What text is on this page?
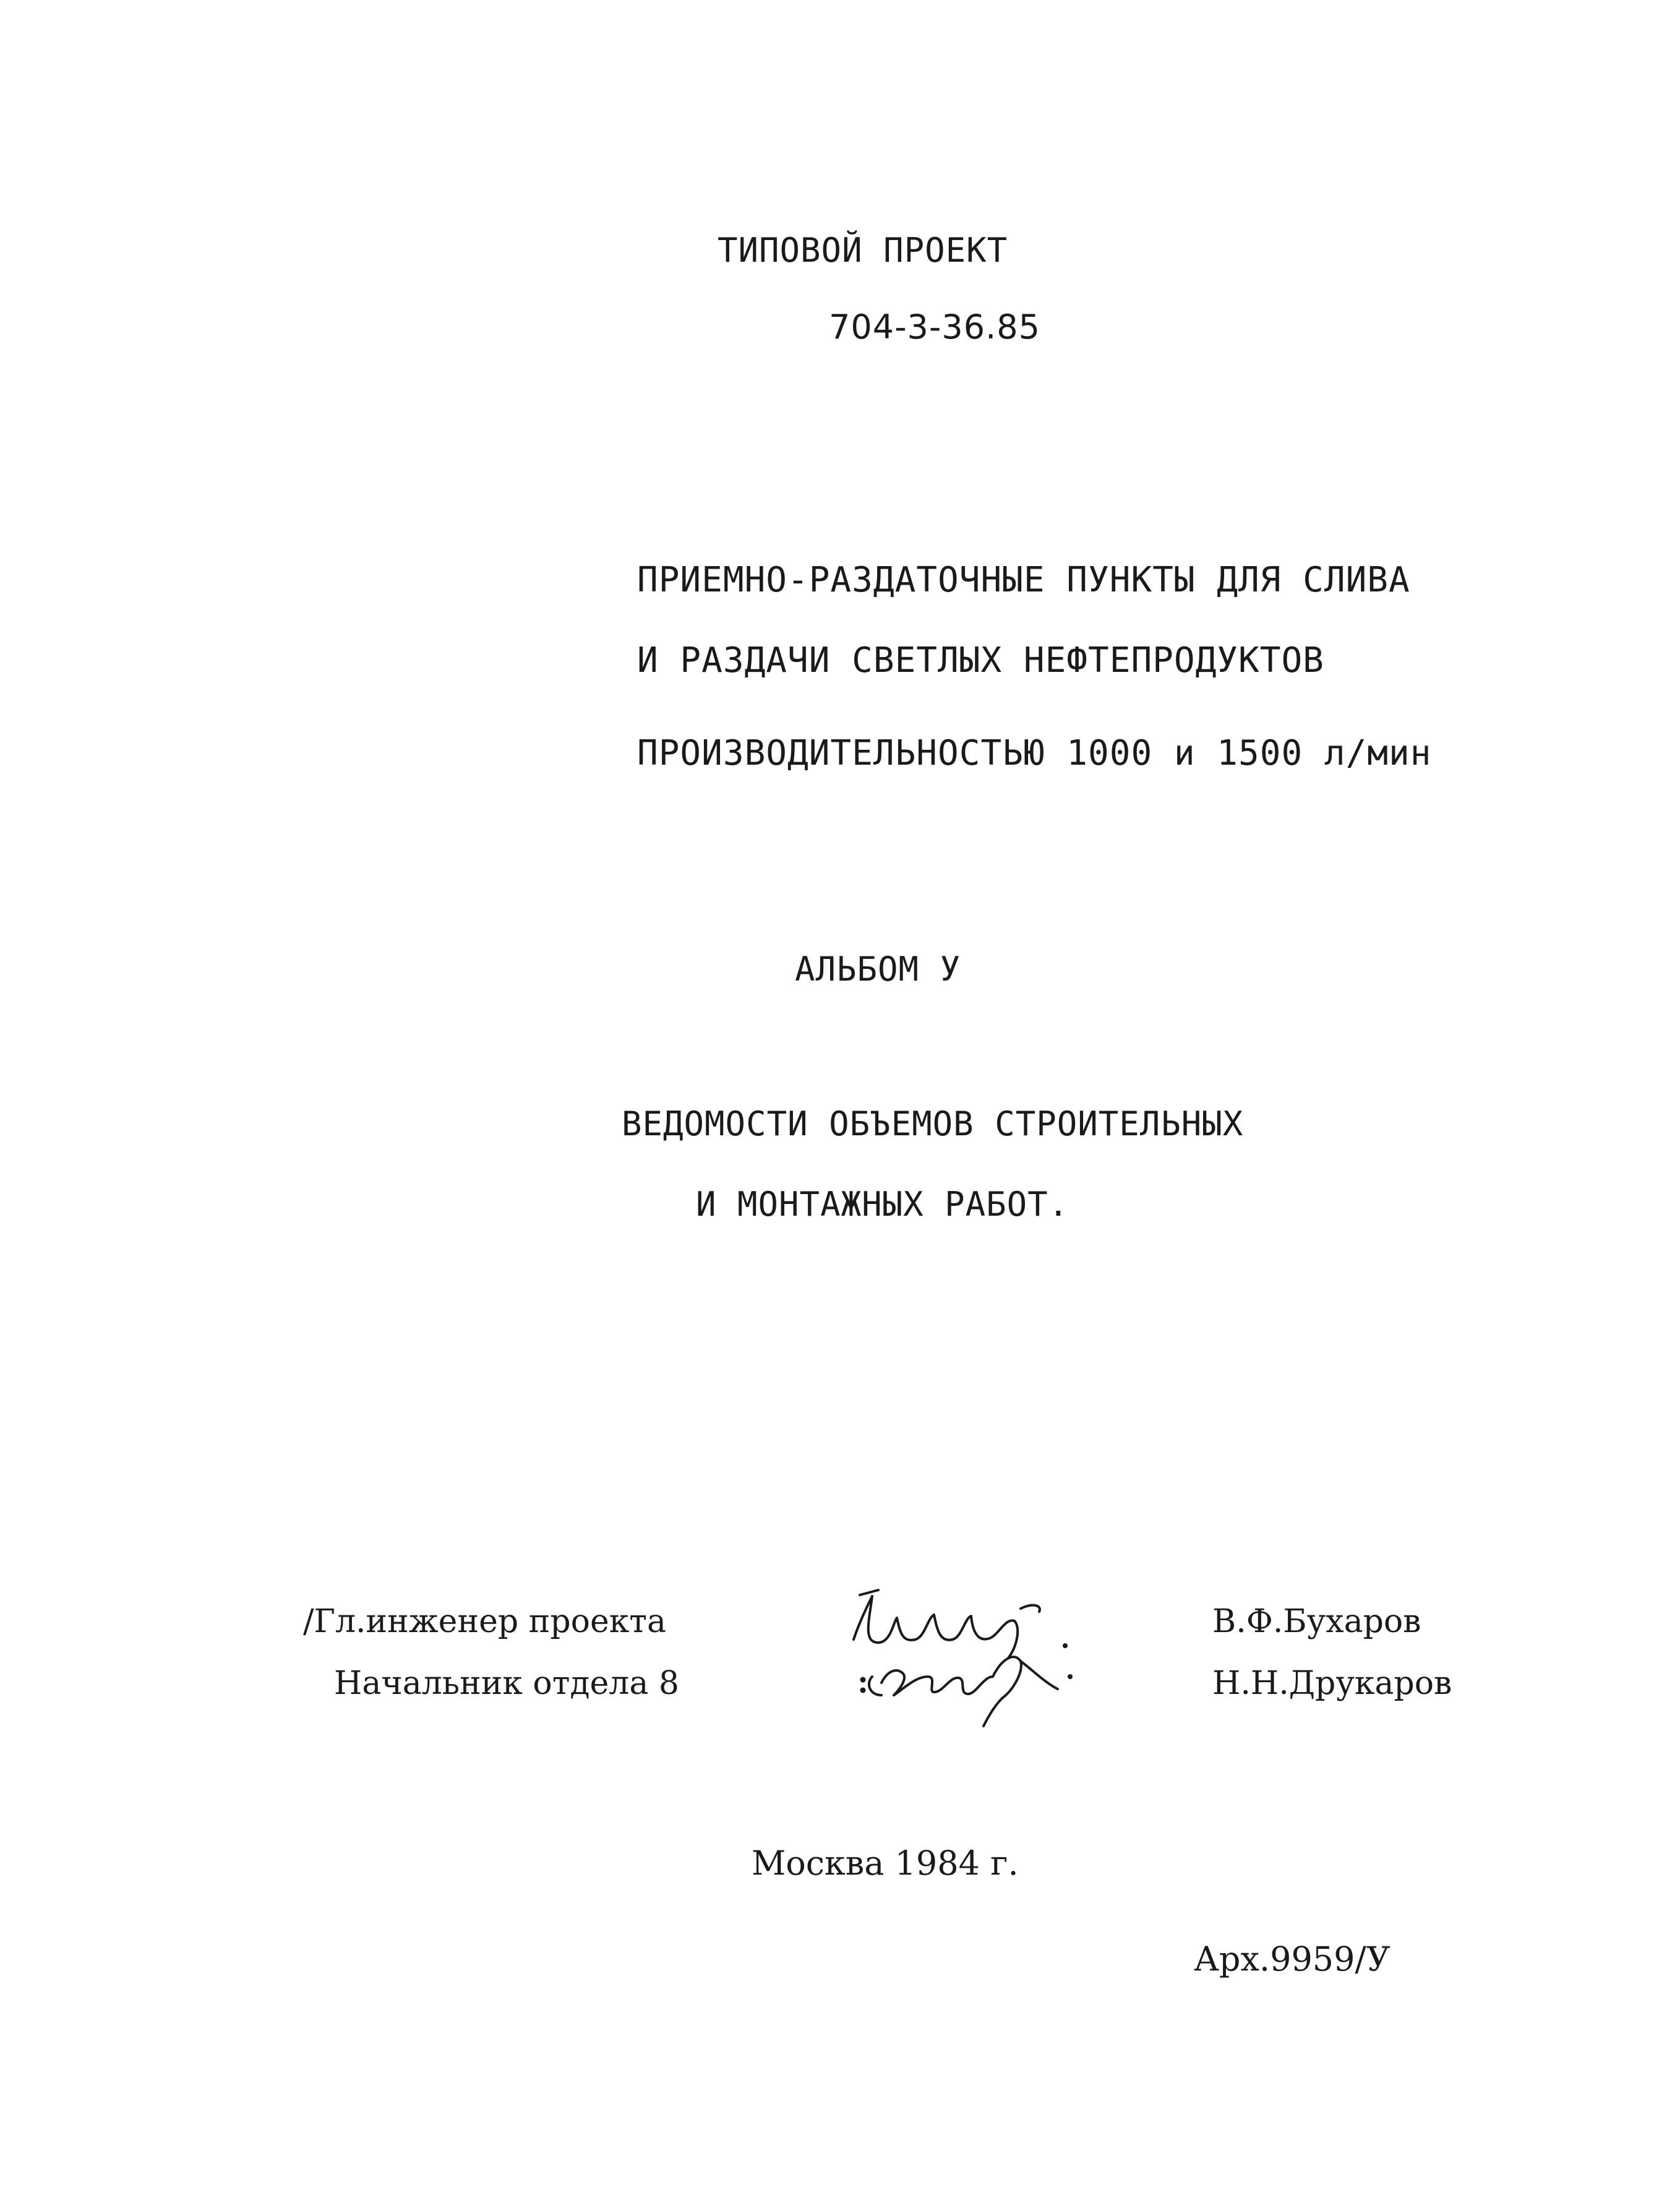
ТИПОВОЙ ПРОЕКТ
704-3-36.85
ПРИЕМНО-РАЗДАТОЧНЫЕ ПУНКТЫ ДЛЯ СЛИВА
И РАЗДАЧИ СВЕТЛЫХ НЕФТЕПРОДУКТОВ
ПРОИЗВОДИТЕЛЬНОСТЬЮ 1000 и 1500 л/мин
АЛЬБОМ У
ВЕДОМОСТИ ОБЪЕМОВ СТРОИТЕЛЬНЫХ
И МОНТАЖНЫХ РАБОТ.
/Гл.инженер проекта
Начальник отдела 8
В.Ф.Бухаров
Н.Н.Друкаров
Москва 1984 г.
Арх.9959/У
